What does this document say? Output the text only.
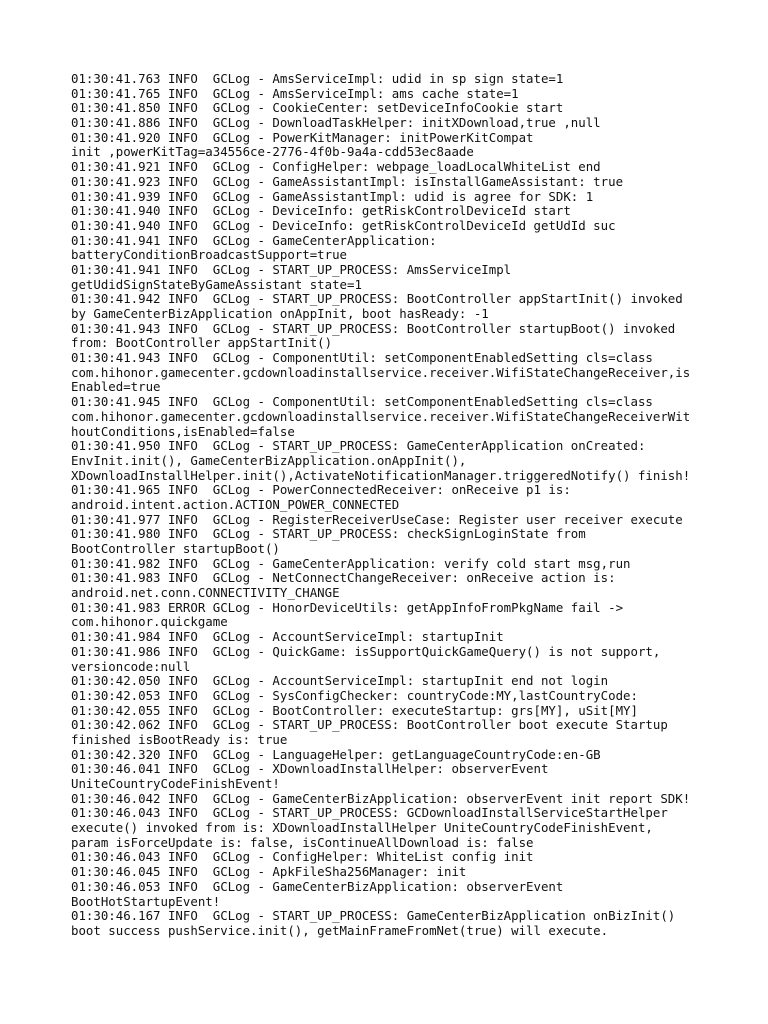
01:30:41.763 INFO  GCLog - AmsServiceImpl: udid in sp sign state=1
01:30:41.765 INFO  GCLog - AmsServiceImpl: ams cache state=1
01:30:41.850 INFO  GCLog - CookieCenter: setDeviceInfoCookie start
01:30:41.886 INFO  GCLog - DownloadTaskHelper: initXDownload,true ,null
01:30:41.920 INFO  GCLog - PowerKitManager: initPowerKitCompat
init ,powerKitTag=a34556ce-2776-4f0b-9a4a-cdd53ec8aade
01:30:41.921 INFO  GCLog - ConfigHelper: webpage_loadLocalWhiteList end
01:30:41.923 INFO  GCLog - GameAssistantImpl: isInstallGameAssistant: true
01:30:41.939 INFO  GCLog - GameAssistantImpl: udid is agree for SDK: 1
01:30:41.940 INFO  GCLog - DeviceInfo: getRiskControlDeviceId start
01:30:41.940 INFO  GCLog - DeviceInfo: getRiskControlDeviceId getUdId suc
01:30:41.941 INFO  GCLog - GameCenterApplication:
batteryConditionBroadcastSupport=true
01:30:41.941 INFO  GCLog - START_UP_PROCESS: AmsServiceImpl
getUdidSignStateByGameAssistant state=1
01:30:41.942 INFO  GCLog - START_UP_PROCESS: BootController appStartInit() invoked
by GameCenterBizApplication onAppInit, boot hasReady: -1
01:30:41.943 INFO  GCLog - START_UP_PROCESS: BootController startupBoot() invoked
from: BootController appStartInit()
01:30:41.943 INFO  GCLog - ComponentUtil: setComponentEnabledSetting cls=class
com.hihonor.gamecenter.gcdownloadinstallservice.receiver.WifiStateChangeReceiver,is
Enabled=true
01:30:41.945 INFO  GCLog - ComponentUtil: setComponentEnabledSetting cls=class
com.hihonor.gamecenter.gcdownloadinstallservice.receiver.WifiStateChangeReceiverWit
houtConditions,isEnabled=false
01:30:41.950 INFO  GCLog - START_UP_PROCESS: GameCenterApplication onCreated:
EnvInit.init(), GameCenterBizApplication.onAppInit(),
XDownloadInstallHelper.init(),ActivateNotificationManager.triggeredNotify() finish!
01:30:41.965 INFO  GCLog - PowerConnectedReceiver: onReceive p1 is:
android.intent.action.ACTION_POWER_CONNECTED
01:30:41.977 INFO  GCLog - RegisterReceiverUseCase: Register user receiver execute
01:30:41.980 INFO  GCLog - START_UP_PROCESS: checkSignLoginState from
BootController startupBoot()
01:30:41.982 INFO  GCLog - GameCenterApplication: verify cold start msg,run
01:30:41.983 INFO  GCLog - NetConnectChangeReceiver: onReceive action is:
android.net.conn.CONNECTIVITY_CHANGE
01:30:41.983 ERROR GCLog - HonorDeviceUtils: getAppInfoFromPkgName fail ->
com.hihonor.quickgame
01:30:41.984 INFO  GCLog - AccountServiceImpl: startupInit
01:30:41.986 INFO  GCLog - QuickGame: isSupportQuickGameQuery() is not support,
versioncode:null
01:30:42.050 INFO  GCLog - AccountServiceImpl: startupInit end not login
01:30:42.053 INFO  GCLog - SysConfigChecker: countryCode:MY,lastCountryCode:
01:30:42.055 INFO  GCLog - BootController: executeStartup: grs[MY], uSit[MY]
01:30:42.062 INFO  GCLog - START_UP_PROCESS: BootController boot execute Startup
finished isBootReady is: true
01:30:42.320 INFO  GCLog - LanguageHelper: getLanguageCountryCode:en-GB
01:30:46.041 INFO  GCLog - XDownloadInstallHelper: observerEvent
UniteCountryCodeFinishEvent!
01:30:46.042 INFO  GCLog - GameCenterBizApplication: observerEvent init report SDK!
01:30:46.043 INFO  GCLog - START_UP_PROCESS: GCDownloadInstallServiceStartHelper
execute() invoked from is: XDownloadInstallHelper UniteCountryCodeFinishEvent,
param isForceUpdate is: false, isContinueAllDownload is: false
01:30:46.043 INFO  GCLog - ConfigHelper: WhiteList config init
01:30:46.045 INFO  GCLog - ApkFileSha256Manager: init
01:30:46.053 INFO  GCLog - GameCenterBizApplication: observerEvent
BootHotStartupEvent!
01:30:46.167 INFO  GCLog - START_UP_PROCESS: GameCenterBizApplication onBizInit()
boot success pushService.init(), getMainFrameFromNet(true) will execute.
